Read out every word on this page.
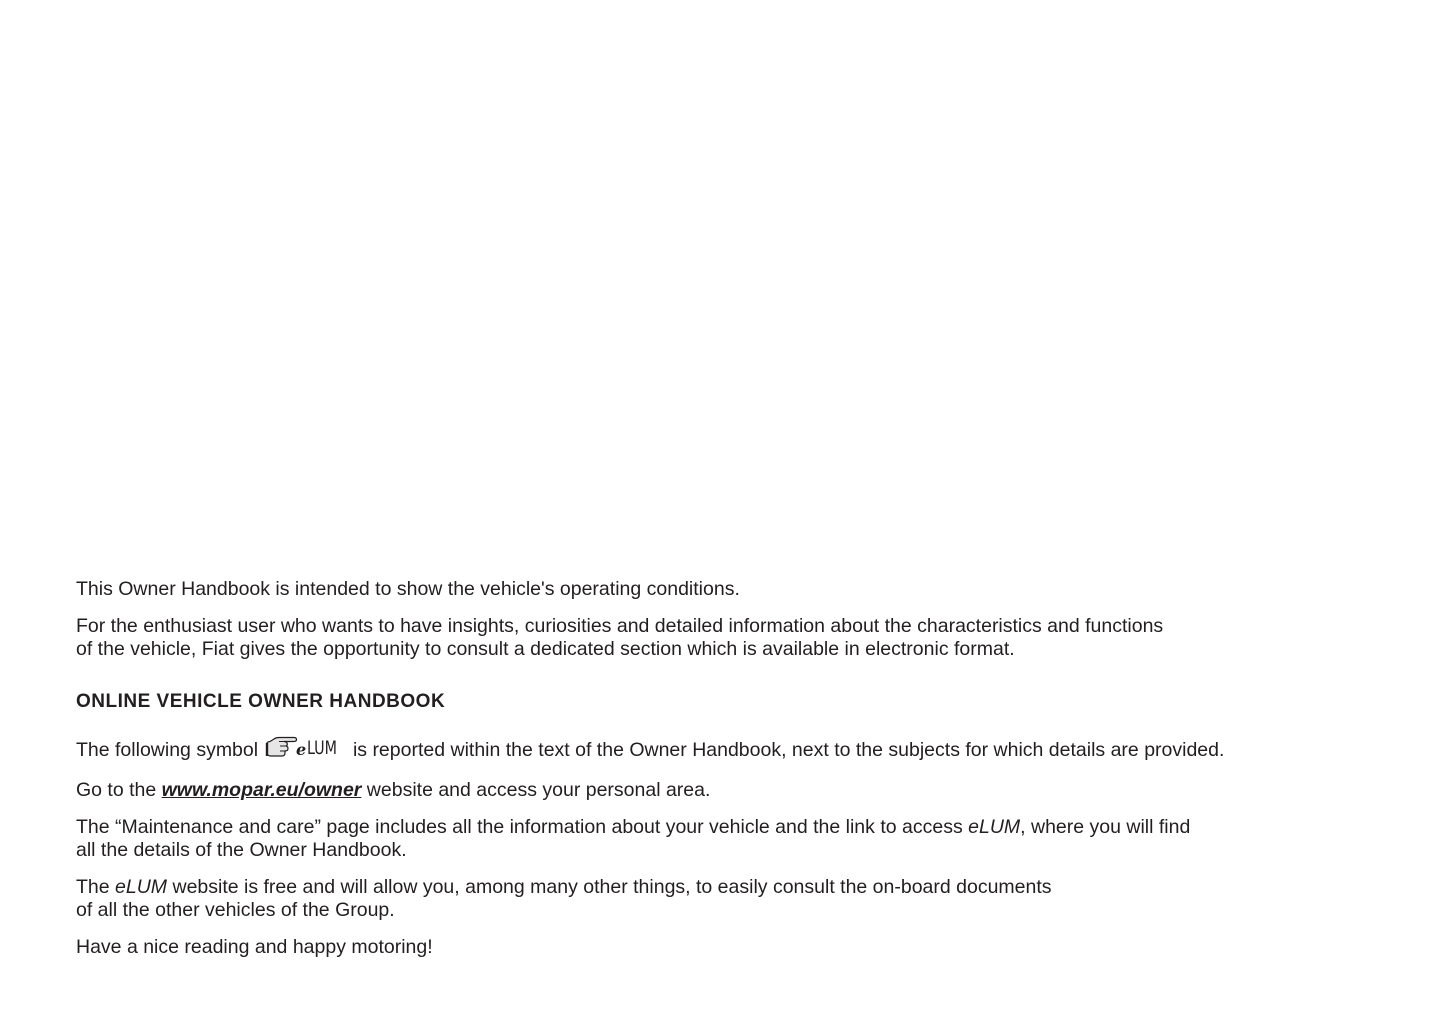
This Owner Handbook is intended to show the vehicle's operating conditions.

For the enthusiast user who wants to have insights, curiosities and detailed information about the characteristics and functions
of the vehicle, Fiat gives the opportunity to consult a dedicated section which is available in electronic format.

ONLINE VEHICLE OWNER HANDBOOK

The following symbol e LUM is reported within the text of the Owner Handbook, next to the subjects for which details are provided.

Go to the www.mopar.eu/owner website and access your personal area.

The “Maintenance and care” page includes all the information about your vehicle and the link to access eLUM, where you will find
all the details of the Owner Handbook.

The eLUM website is free and will allow you, among many other things, to easily consult the on-board documents
of all the other vehicles of the Group.

Have a nice reading and happy motoring!
